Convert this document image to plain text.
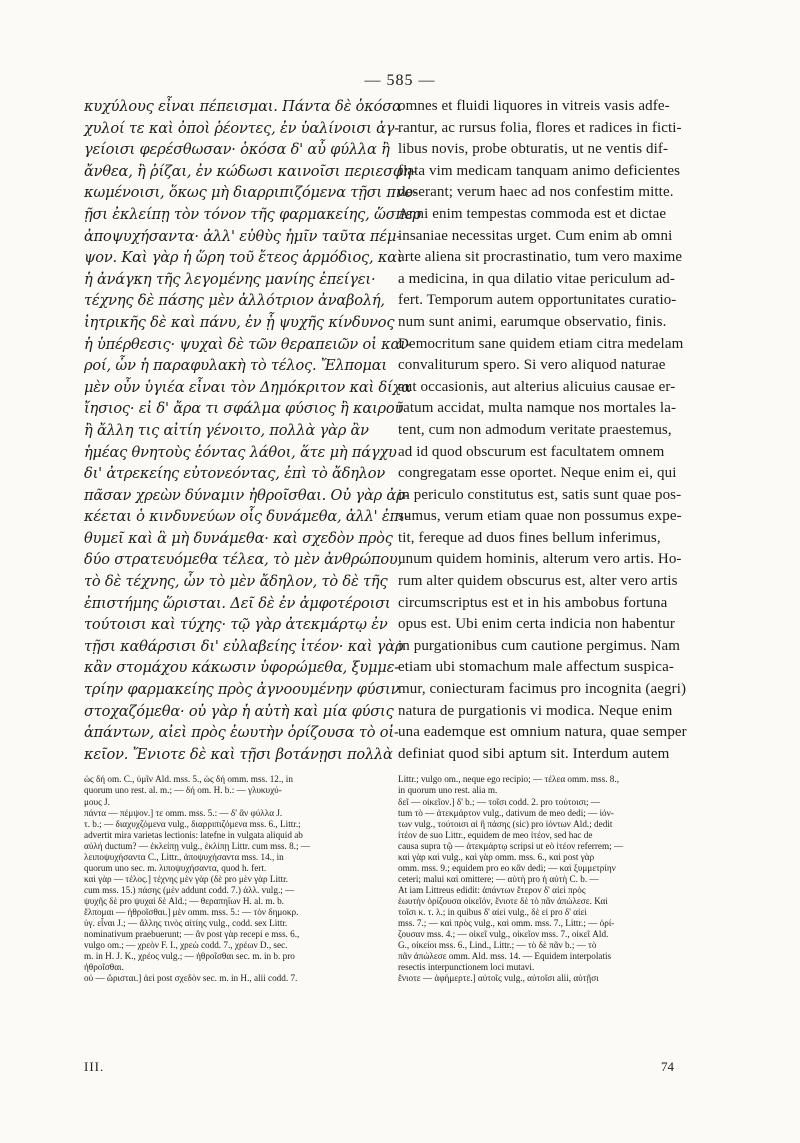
— 585 —
κυχύλους εἶναι πέπεισμαι. Πάντα δὲ ὁκόσα
χυλοί τε καὶ ὀποὶ ῥέοντες, ἐν ὑαλίνοισι ἀγ-
γείοισι φερέσθωσαν· ὁκόσα δ' αὖ φύλλα ἢ
ἄνθεα, ἢ ῥίζαι, ἐν κώδωσι καινοῖσι περιεσφη-
κωμένοισι, ὅκως μὴ διαρριπιζόμενα τῇσι πνο-
ῇσι ἐκλείπῃ τὸν τόνον τῆς φαρμακείης, ὥσπερ
ἀποψυχήσαντα· ἀλλ' εὐθὺς ἡμῖν ταῦτα πέμ-
ψον. Καὶ γὰρ ἡ ὥρη τοῦ ἔτεος ἁρμόδιος, καὶ
ἡ ἀνάγκη τῆς λεγομένης μανίης ἐπείγει·
τέχνης δὲ πάσης μὲν ἀλλότριον ἀναβολή,
ἰητρικῆς δὲ καὶ πάνυ, ἐν ᾗ ψυχῆς κίνδυνος
ἡ ὑπέρθεσις· ψυχαὶ δὲ τῶν θεραπειῶν οἱ και-
ροί, ὧν ἡ παραφυλακὴ τὸ τέλος. Ἔλπομαι
μὲν οὖν ὑγιέα εἶναι τὸν Δημόκριτον καὶ δίχα
ἴησιος· εἰ δ' ἄρα τι σφάλμα φύσιος ἢ καιροῦ
ἢ ἄλλη τις αἰτίη γένοιτο, πολλὰ γὰρ ἂν
ἡμέας θνητοὺς ἐόντας λάθοι, ἅτε μὴ πάγχυ
δι' ἀτρεκείης εὐτονεόντας, ἐπὶ τὸ ἄδηλον
πᾶσαν χρεὼν δύναμιν ἠθροῖσθαι. Οὐ γὰρ ἀρ-
κέεται ὁ κινδυνεύων οἷς δυνάμεθα, ἀλλ' ἐπι-
θυμεῖ καὶ ἃ μὴ δυνάμεθα· καὶ σχεδὸν πρὸς
δύο στρατευόμεθα τέλεα, τὸ μὲν ἀνθρώπου,
τὸ δὲ τέχνης, ὧν τὸ μὲν ἄδηλον, τὸ δὲ τῆς
ἐπιστήμης ὥρισται. Δεῖ δὲ ἐν ἀμφοτέροισι
τούτοισι καὶ τύχης· τῷ γὰρ ἀτεκμάρτῳ ἐν
τῇσι καθάρσισι δι' εὐλαβείης ἰτέον· καὶ γὰρ
κἂν στομάχου κάκωσιν ὑφορώμεθα, ξυμμε-
τρίην φαρμακείης πρὸς ἀγνοουμένην φύσιν
στοχαζόμεθα· οὐ γὰρ ἡ αὐτὴ καὶ μία φύσις
ἁπάντων, αἰεὶ πρὸς ἑωυτὴν ὁρίζουσα τὸ οἰ-
κεῖον. Ἔνιοτε δὲ καὶ τῇσι βοτάνῃσι πολλὰ
ὡς δή om. C., ὑμῖν Ald. mss. 5., ὡς δή omm. mss. 12., in
quorum uno rest. al. m.; — δή om. H. b.: — γλυκυχύ-
μους J.
πάντα — πέμψον.] τε omm. mss. 5.: — δ' ἂν φύλλα J.
τ. b.; — διαχυχζόμενα vulg., διαρριπιζόμενα mss. 6., Littr.;
advertit mira varietas lectionis: latefne in vulgata aliquid ab
αὐλή ductum? — ἐκλείπῃ vulg., ἐκλίπῃ Littr. cum mss. 8.; —
λειποψυχήσαντα C., Littr., ἀποψυχήσαντα mss. 14., in
quorum uno sec. m. λιποψυχήσαντα, quod h. fert.
καὶ γὰρ — τέλος.] τέχνης μὲν γὰρ (δὲ pro μὲν γὰρ Littr.
cum mss. 15.) πάσης (μὲν addunt codd. 7.) ἀλλ. vulg.; —
ψυχῆς δὲ pro ψυχαὶ δὲ Ald.; — θεραπηΐων H. al. m. b.
ἔλπομαι — ἠθροῖσθαι.] μὲν omm. mss. 5.: — τὸν δημοκρ.
ὑγ. εἶναι J.; — ἄλλης τινὸς αἰτίης vulg., codd. sex Littr.
nominativum praebuerunt; — ἂν post γὰρ recepi e mss. 6.,
vulgo om.; — χρεὸν F. I., χρεὼ codd. 7., χρέων D., sec.
m. in H. J. K., χρέος vulg.; — ἠθροῖσθαι sec. m. in b. pro
ἠθροῖσθαι.
οὐ — ὥρισται.] ἀεὶ post σχεδὸν sec. m. in H., alii codd. 7.
omnes et fluidi liquores in vitreis vasis adfe-
rantur, ac rursus folia, flores et radices in ficti-
libus novis, probe obturatis, ut ne ventis dif-
flata vim medicam tanquam animo deficientes
deserant; verum haec ad nos confestim mitte.
Anni enim tempestas commoda est et dictae
insaniae necessitas urget. Cum enim ab omni
arte aliena sit procrastinatio, tum vero maxime
a medicina, in qua dilatio vitae periculum ad-
fert. Temporum autem opportunitates curatio-
num sunt animi, earumque observatio, finis.
Democritum sane quidem etiam citra medelam
convaliturum spero. Si vero aliquod naturae
aut occasionis, aut alterius alicuius causae er-
ratum accidat, multa namque nos mortales la-
tent, cum non admodum veritate praestemus,
ad id quod obscurum est facultatem omnem
congregatam esse oportet. Neque enim ei, qui
in periculo constitutus est, satis sunt quae pos-
sumus, verum etiam quae non possumus expe-
tit, fereque ad duos fines bellum inferimus,
unum quidem hominis, alterum vero artis. Ho-
rum alter quidem obscurus est, alter vero artis
circumscriptus est et in his ambobus fortuna
opus est. Ubi enim certa indicia non habentur
in purgationibus cum cautione pergimus. Nam
etiam ubi stomachum male affectum suspica-
mur, coniecturam facimus pro incognita (aegri)
natura de purgationis vi modica. Neque enim
una eademque est omnium natura, quae semper
definiat quod sibi aptum sit. Interdum autem
Littr.; vulgo om., neque ego recipio; — τέλεα omm. mss. 8.,
in quorum uno rest. alia m.
δεῖ — οἰκεῖον.] δ' b.; — τοῖσι codd. 2. pro τούτοισι; —
tum τὸ — ἀτεκμάρτον vulg., dativum de meo dedi; — ἰόν-
των vulg., τούτοισι αἱ ἣ πάσης (sic) pro ἰόντων Ald.; dedit
ἰτέον de suo Littr., equidem de meo ἰτέον, sed hac de
causa supra τῷ — ἀτεκμάρτῳ scripsi ut eò ἰτέον referrem; —
καὶ γὰρ καὶ vulg., καὶ γὰρ omm. mss. 6., καὶ post γὰρ
omm. mss. 9.; equidem pro eo κἂν dedi; — καὶ ξυμμετρίην
ceteri; malui καὶ omittere; — αὐτὴ pro ἡ αὐτὴ C. b. —
At iam Littreus edidit: ἁπάντων ἕτερον δ' αἰεὶ πρὸς
ἑωυτὴν ὁρίζουσα οἰκεῖόν, ἔνιοτε δὲ τὸ πᾶν ἀπώλεσε. Καὶ
τοῖσι κ. τ. λ.; in quibus δ' αἰεὶ vulg., δὲ εἰ pro δ' αἰεὶ
mss. 7.; — καὶ πρὸς vulg., καὶ omm. mss. 7., Littr.; — ὁρί-
ζουσαν mss. 4.; — οἰκεῖ vulg., οἰκεῖον mss. 7., οἰκεῖ Ald.
G., οἰκείοι mss. 6., Lind., Littr.; — τὸ δὲ πᾶν b.; — τὸ
πᾶν ἀπώλεσε omm. Ald. mss. 14. — Equidem interpolatis
resectis interpunctionem loci mutavi.
ἔνιοτε — ἀφήμερτε.] αὐτοῖς vulg., αὐτοῖσι alii, αὐτῇσι
III.	74
